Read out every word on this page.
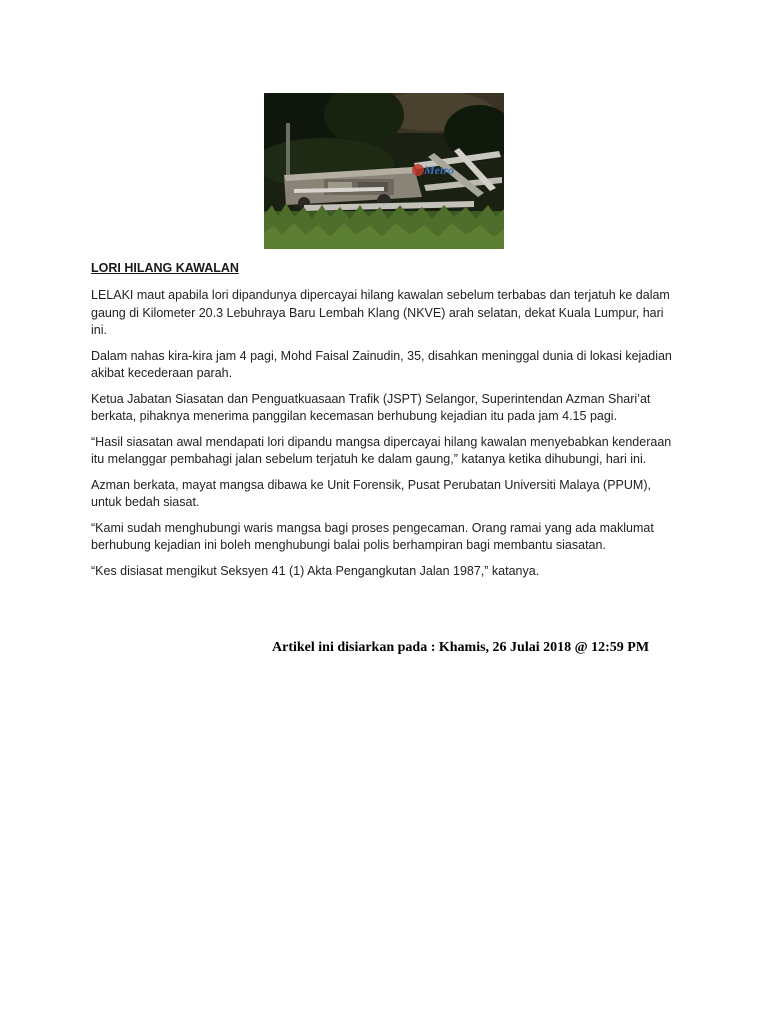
Metro

LORI HILANG KAWALAN

LELAKI maut apabila lori dipandunya dipercayai hilang kawalan sebelum terbabas dan terjatuh ke dalam gaung di Kilometer 20.3 Lebuhraya Baru Lembah Klang (NKVE) arah selatan, dekat Kuala Lumpur, hari ini.

Dalam nahas kira-kira jam 4 pagi, Mohd Faisal Zainudin, 35, disahkan meninggal dunia di lokasi kejadian akibat kecederaan parah.

Ketua Jabatan Siasatan dan Penguatkuasaan Trafik (JSPT) Selangor, Superintendan Azman Shari’at berkata, pihaknya menerima panggilan kecemasan berhubung kejadian itu pada jam 4.15 pagi.

“Hasil siasatan awal mendapati lori dipandu mangsa dipercayai hilang kawalan menyebabkan kenderaan itu melanggar pembahagi jalan sebelum terjatuh ke dalam gaung,” katanya ketika dihubungi, hari ini.

Azman berkata, mayat mangsa dibawa ke Unit Forensik, Pusat Perubatan Universiti Malaya (PPUM), untuk bedah siasat.

“Kami sudah menghubungi waris mangsa bagi proses pengecaman. Orang ramai yang ada maklumat berhubung kejadian ini boleh menghubungi balai polis berhampiran bagi membantu siasatan.

“Kes disiasat mengikut Seksyen 41 (1) Akta Pengangkutan Jalan 1987,” katanya.

Artikel ini disiarkan pada : Khamis, 26 Julai 2018 @ 12:59 PM
